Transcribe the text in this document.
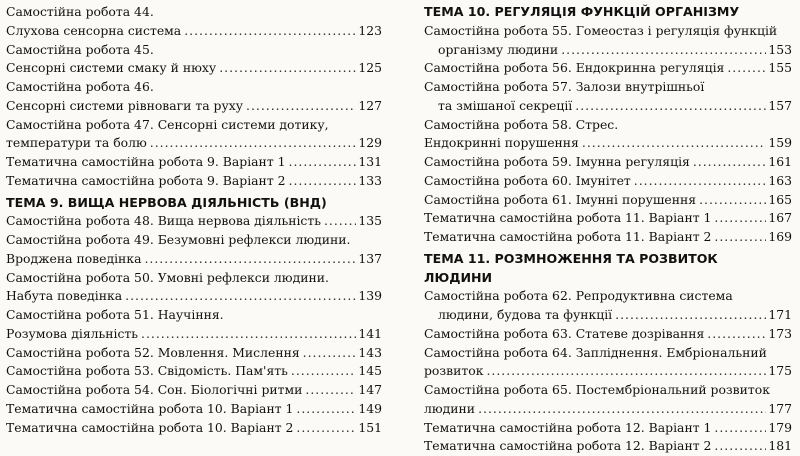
Самостійна робота 44.
Слухова сенсорна система .....	123
Самостійна робота 45.
Сенсорні системи смаку й нюху .....	125
Самостійна робота 46.
Сенсорні системи рівноваги та руху .....	127
Самостійна робота 47. Сенсорні системи дотику,
температури та болю .....	129
Тематична самостійна робота 9. Варіант 1 .....	131
Тематична самостійна робота 9. Варіант 2 .....	133
ТЕМА 9. ВИЩА НЕРВОВА ДІЯЛЬНІСТЬ (ВНД)
Самостійна робота 48. Вища нервова діяльність .....	135
Самостійна робота 49. Безумовні рефлекси людини.
Вроджена поведінка .....	137
Самостійна робота 50. Умовні рефлекси людини.
Набута поведінка .....	139
Самостійна робота 51. Научіння.
Розумова діяльність .....	141
Самостійна робота 52. Мовлення. Мислення .....	143
Самостійна робота 53. Свідомість. Пам'ять .....	145
Самостійна робота 54. Сон. Біологічні ритми .....	147
Тематична самостійна робота 10. Варіант 1 .....	149
Тематична самостійна робота 10. Варіант 2 .....	151
ТЕМА 10. РЕГУЛЯЦІЯ ФУНКЦІЙ ОРГАНІЗМУ
Самостійна робота 55. Гомеостаз і регуляція функцій
організму людини .....	153
Самостійна робота 56. Ендокринна регуляція .....	155
Самостійна робота 57. Залози внутрішньої
та змішаної секреції .....	157
Самостійна робота 58. Стрес.
Ендокринні порушення .....	159
Самостійна робота 59. Імунна регуляція .....	161
Самостійна робота 60. Імунітет .....	163
Самостійна робота 61. Імунні порушення .....	165
Тематична самостійна робота 11. Варіант 1 .....	167
Тематична самостійна робота 11. Варіант 2 .....	169
ТЕМА 11. РОЗМНОЖЕННЯ ТА РОЗВИТОК
ЛЮДИНИ
Самостійна робота 62. Репродуктивна система
людини, будова та функції .....	171
Самостійна робота 63. Статеве дозрівання .....	173
Самостійна робота 64. Запліднення. Ембріональний
розвиток .....	175
Самостійна робота 65. Постембріональний розвиток
людини .....	177
Тематична самостійна робота 12. Варіант 1 .....	179
Тематична самостійна робота 12. Варіант 2 .....	181
